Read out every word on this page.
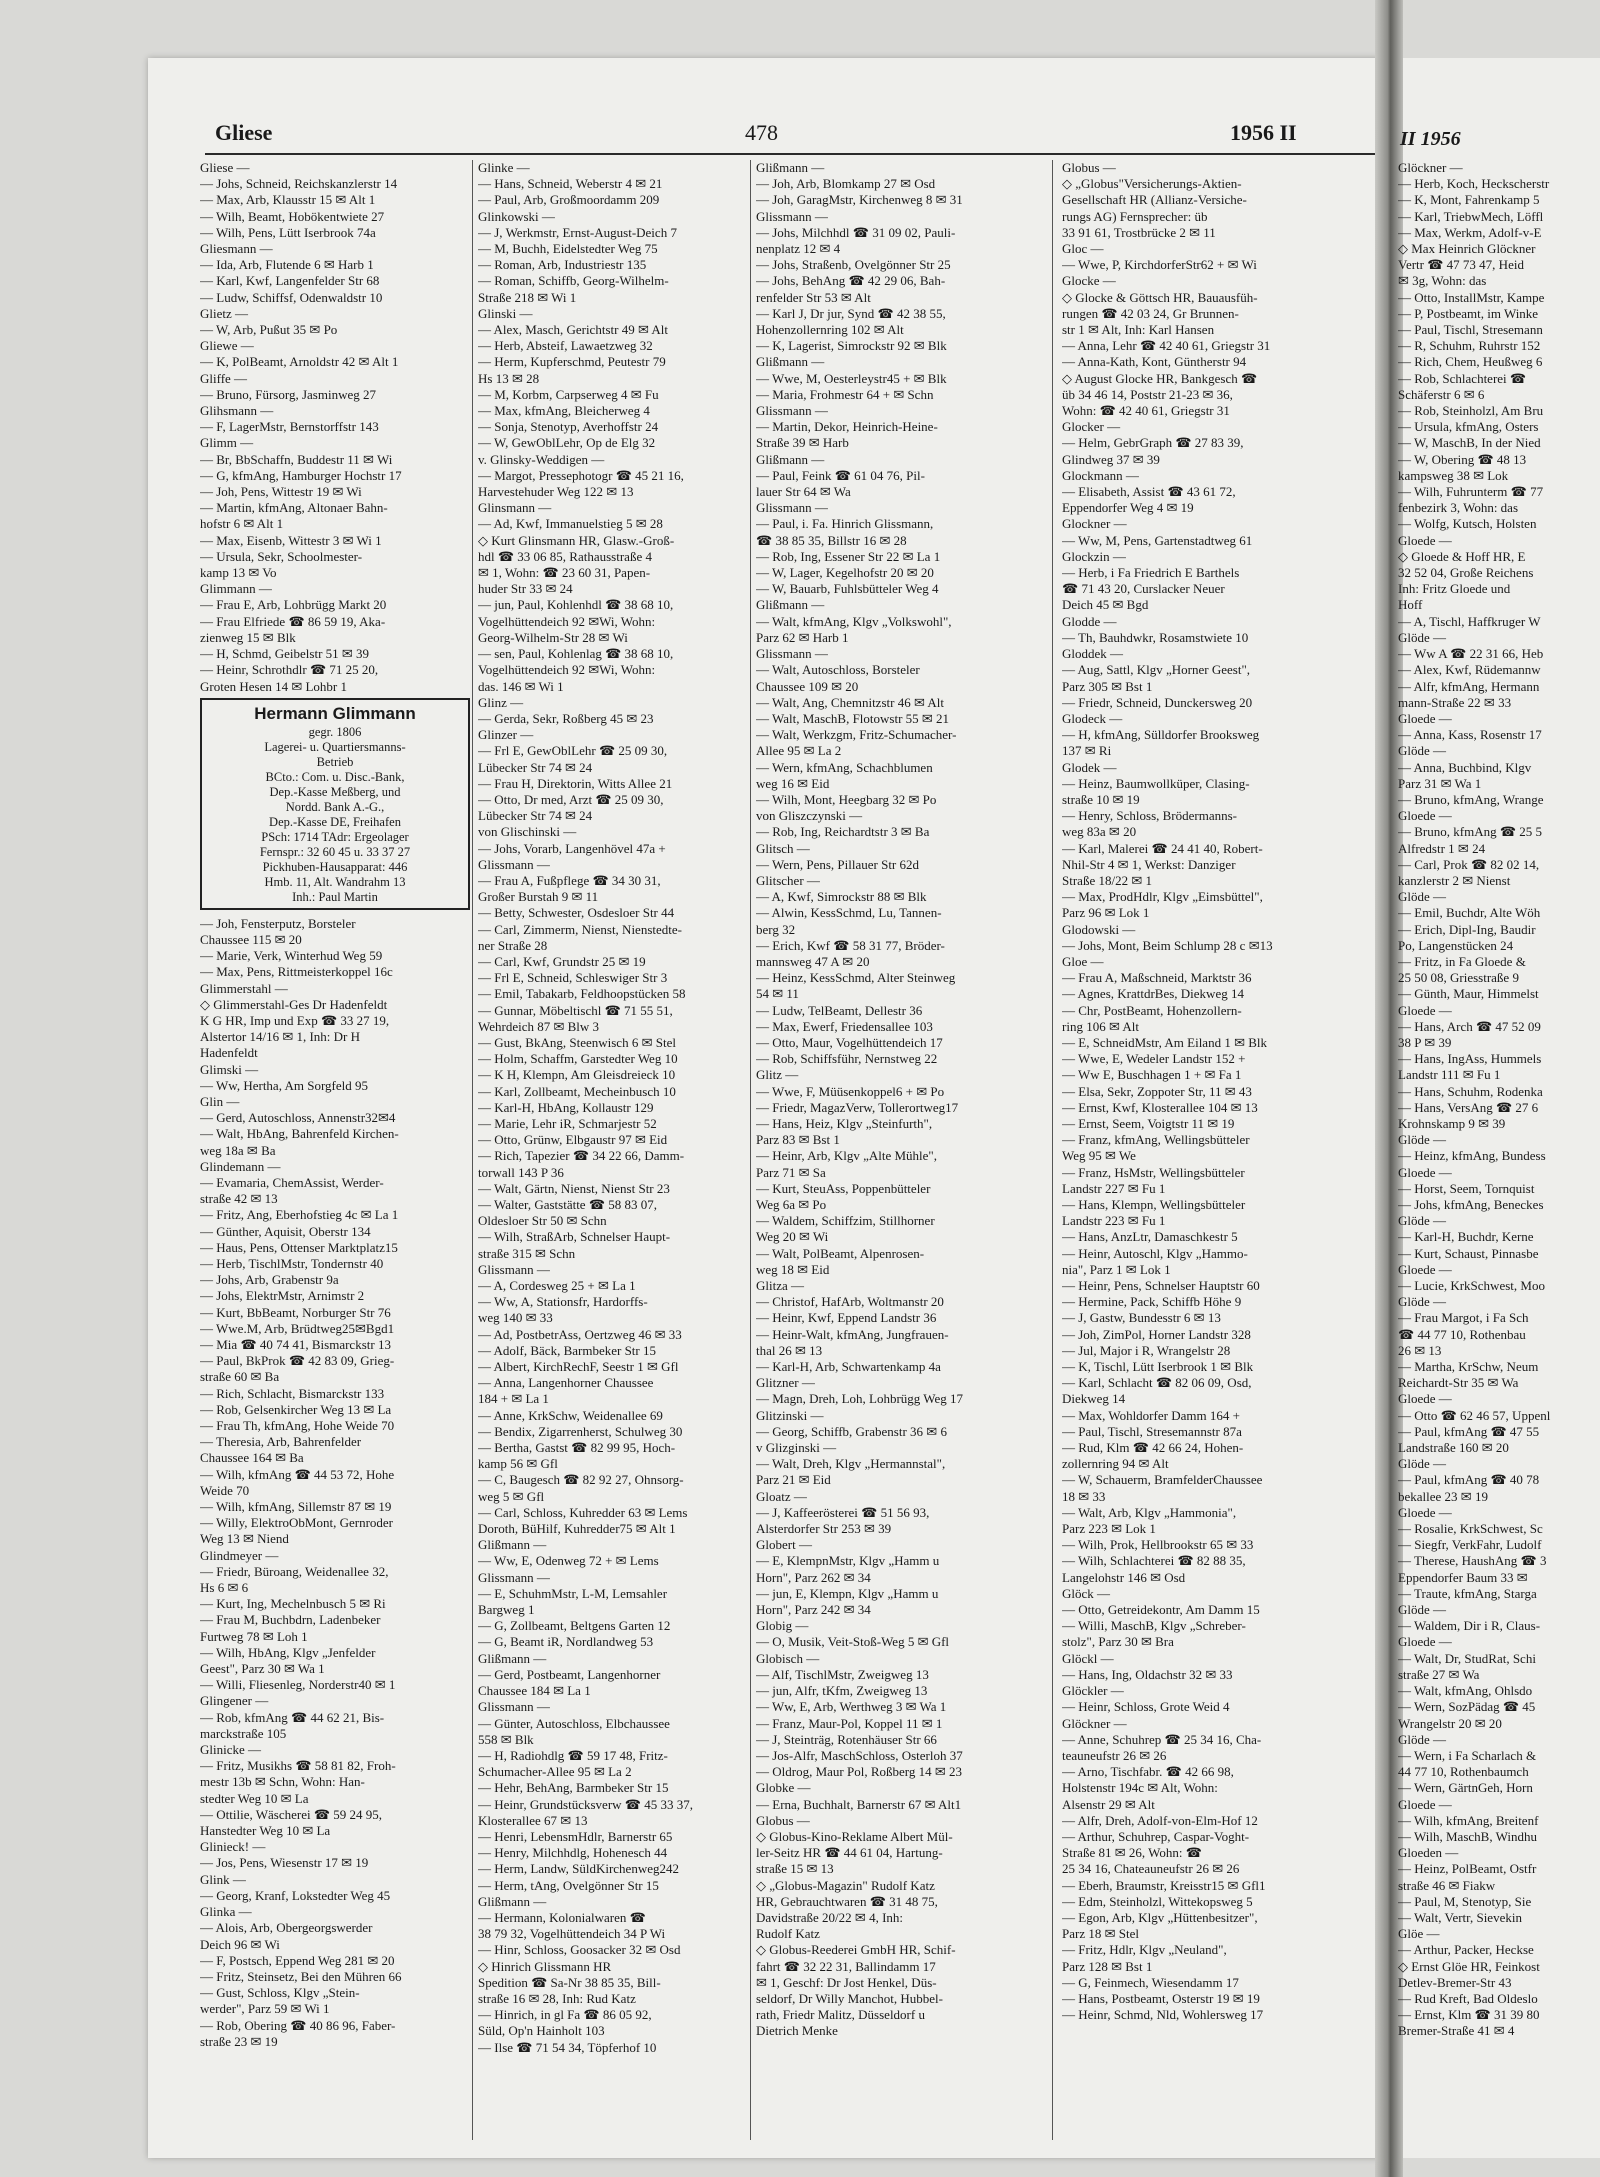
Gliese	478	1956 II	II 1956
Gliese —
— Johs, Schneid, Reichskanzlerstr 14
— Max, Arb, Klausstr 15 ✉ Alt 1
— Wilh, Beamt, Hobökentwiete 27
— Wilh, Pens, Lütt Iserbrook 74a
Gliesmann —
— Ida, Arb, Flutende 6 ✉ Harb 1
— Karl, Kwf, Langenfelder Str 68
— Ludw, Schiffsf, Odenwaldstr 10
Glietz —
— W, Arb, Pußut 35 ✉ Po
Gliewe —
— K, PolBeamt, Arnoldstr 42 ✉ Alt 1
Gliffe —
— Bruno, Fürsorg, Jasminweg 27
Glihsmann —
— F, LagerMstr, Bernstorffstr 143
Glimm —
— Br, BbSchaffn, Buddestr 11 ✉ Wi
— G, kfmAng, Hamburger Hochstr 17
— Joh, Pens, Wittestr 19 ✉ Wi
— Martin, kfmAng, Altonaer Bahn-
hofstr 6 ✉ Alt 1
— Max, Eisenb, Wittestr 3 ✉ Wi 1
— Ursula, Sekr, Schoolmester-
kamp 13 ✉ Vo
Glimmann —
— Frau E, Arb, Lohbrügg Markt 20
— Frau Elfriede ☎ 86 59 19, Aka-
zienweg 15 ✉ Blk
— H, Schmd, Geibelstr 51 ✉ 39
— Heinr, Schrothdlr ☎ 71 25 20,
Groten Hesen 14 ✉ Lohbr 1
Hermann Glimmann
gegr. 1806
Lagerei- u. Quartiersmanns-
Betrieb
BCto.: Com. u. Disc.-Bank,
Dep.-Kasse Meßberg, und
Nordd. Bank A.-G.,
Dep.-Kasse DE, Freihafen
PSch: 1714 TAdr: Ergeolager
Fernspr.: 32 60 45 u. 33 37 27
Pickhuben-Hausapparat: 446
Hmb. 11, Alt. Wandrahm 13
Inh.: Paul Martin
— Joh, Fensterputz, Borsteler
Chaussee 115 ✉ 20
— Marie, Verk, Winterhud Weg 59
— Max, Pens, Rittmeisterkoppel 16c
Glimmerstahl —
◇ Glimmerstahl-Ges Dr Hadenfeldt
K G HR, Imp und Exp ☎ 33 27 19,
Alstertor 14/16 ✉ 1, Inh: Dr H
Hadenfeldt
Glimski —
— Ww, Hertha, Am Sorgfeld 95
Glin —
— Gerd, Autoschloss, Annenstr32✉4
— Walt, HbAng, Bahrenfeld Kirchen-
weg 18a ✉ Ba
Glindemann —
— Evamaria, ChemAssist, Werder-
straße 42 ✉ 13
— Fritz, Ang, Eberhofstieg 4c ✉ La 1
— Günther, Aquisit, Oberstr 134
— Haus, Pens, Ottenser Marktplatz15
— Herb, TischlMstr, Tondernstr 40
— Johs, Arb, Grabenstr 9a
— Johs, ElektrMstr, Arnimstr 2
— Kurt, BbBeamt, Norburger Str 76
— Wwe.M, Arb, Brüdtweg25✉Bgd1
— Mia ☎ 40 74 41, Bismarckstr 13
— Paul, BkProk ☎ 42 83 09, Grieg-
straße 60 ✉ Ba
— Rich, Schlacht, Bismarckstr 133
— Rob, Gelsenkircher Weg 13 ✉ La
— Frau Th, kfmAng, Hohe Weide 70
— Theresia, Arb, Bahrenfelder
Chaussee 164 ✉ Ba
— Wilh, kfmAng ☎ 44 53 72, Hohe
Weide 70
— Wilh, kfmAng, Sillemstr 87 ✉ 19
— Willy, ElektroObMont, Gernroder
Weg 13 ✉ Niend
Glindmeyer —
— Friedr, Büroang, Weidenallee 32,
Hs 6 ✉ 6
— Kurt, Ing, Mechelnbusch 5 ✉ Ri
— Frau M, Buchbdrn, Ladenbeker
Furtweg 78 ✉ Loh 1
— Wilh, HbAng, Klgv „Jenfelder
Geest", Parz 30 ✉ Wa 1
— Willi, Fliesenleg, Norderstr40 ✉ 1
Glingener —
— Rob, kfmAng ☎ 44 62 21, Bis-
marckstraße 105
Glinicke —
— Fritz, Musikhs ☎ 58 81 82, Froh-
mestr 13b ✉ Schn, Wohn: Han-
stedter Weg 10 ✉ La
— Ottilie, Wäscherei ☎ 59 24 95,
Hanstedter Weg 10 ✉ La
Glinieck! —
— Jos, Pens, Wiesenstr 17 ✉ 19
Glink —
— Georg, Kranf, Lokstedter Weg 45
Glinka —
— Alois, Arb, Obergeorgswerder
Deich 96 ✉ Wi
— F, Postsch, Eppend Weg 281 ✉ 20
— Fritz, Steinsetz, Bei den Mühren 66
— Gust, Schloss, Klgv „Stein-
werder", Parz 59 ✉ Wi 1
— Rob, Obering ☎ 40 86 96, Faber-
straße 23 ✉ 19
Glinke —
— Hans, Schneid, Weberstr 4 ✉ 21
— Paul, Arb, Großmoordamm 209
Glinkowski —
— J, Werkmstr, Ernst-August-Deich 7
— M, Buchh, Eidelstedter Weg 75
— Roman, Arb, Industriestr 135
— Roman, Schiffb, Georg-Wilhelm-
Straße 218 ✉ Wi 1
Glinski —
— Alex, Masch, Gerichtstr 49 ✉ Alt
— Herb, Absteif, Lawaetzweg 32
— Herm, Kupferschmd, Peutestr 79
Hs 13 ✉ 28
— M, Korbm, Carpserweg 4 ✉ Fu
— Max, kfmAng, Bleicherweg 4
— Sonja, Stenotyp, Averhoffstr 24
— W, GewOblLehr, Op de Elg 32
v. Glinsky-Weddigen —
— Margot, Pressephotogr ☎ 45 21 16,
Harvestehuder Weg 122 ✉ 13
Glinsmann —
— Ad, Kwf, Immanuelstieg 5 ✉ 28
◇ Kurt Glinsmann HR, Glasw.-Groß-
hdl ☎ 33 06 85, Rathausstraße 4
✉ 1, Wohn: ☎ 23 60 31, Papen-
huder Str 33 ✉ 24
— jun, Paul, Kohlenhdl ☎ 38 68 10,
Vogelhüttendeich 92 ✉Wi, Wohn:
Georg-Wilhelm-Str 28 ✉ Wi
— sen, Paul, Kohlenlag ☎ 38 68 10,
Vogelhüttendeich 92 ✉Wi, Wohn:
das. 146 ✉ Wi 1
Glinz —
— Gerda, Sekr, Roßberg 45 ✉ 23
Glinzer —
— Frl E, GewOblLehr ☎ 25 09 30,
Lübecker Str 74 ✉ 24
— Frau H, Direktorin, Witts Allee 21
— Otto, Dr med, Arzt ☎ 25 09 30,
Lübecker Str 74 ✉ 24
von Glischinski —
— Johs, Vorarb, Langenhövel 47a +
Glissmann —
— Frau A, Fußpflege ☎ 34 30 31,
Großer Burstah 9 ✉ 11
— Betty, Schwester, Osdesloer Str 44
— Carl, Zimmerm, Nienst, Nienstedte-
ner Straße 28
— Carl, Kwf, Grundstr 25 ✉ 19
— Frl E, Schneid, Schleswiger Str 3
— Emil, Tabakarb, Feldhoopstücken 58
— Gunnar, Möbeltischl ☎ 71 55 51,
Wehrdeich 87 ✉ Blw 3
— Gust, BkAng, Steenwisch 6 ✉ Stel
— Holm, Schaffm, Garstedter Weg 10
— K H, Klempn, Am Gleisdreieck 10
— Karl, Zollbeamt, Mecheinbusch 10
— Karl-H, HbAng, Kollaustr 129
— Marie, Lehr iR, Schmarjestr 52
— Otto, Grünw, Elbgaustr 97 ✉ Eid
— Rich, Tapezier ☎ 34 22 66, Damm-
torwall 143 P 36
— Walt, Gärtn, Nienst, Nienst Str 23
— Walter, Gaststätte ☎ 58 83 07,
Oldesloer Str 50 ✉ Schn
— Wilh, StraßArb, Schnelser Haupt-
straße 315 ✉ Schn
Glissmann —
— A, Cordesweg 25 + ✉ La 1
— Ww, A, Stationsfr, Hardorffs-
weg 140 ✉ 33
— Ad, PostbetrAss, Oertzweg 46 ✉ 33
— Adolf, Bäck, Barmbeker Str 15
— Albert, KirchRechF, Seestr 1 ✉ Gfl
— Anna, Langenhorner Chaussee
184 + ✉ La 1
— Anne, KrkSchw, Weidenallee 69
— Bendix, Zigarrenherst, Schulweg 30
— Bertha, Gastst ☎ 82 99 95, Hoch-
kamp 56 ✉ Gfl
— C, Baugesch ☎ 82 92 27, Ohnsorg-
weg 5 ✉ Gfl
— Carl, Schloss, Kuhredder 63 ✉ Lems
Doroth, BüHilf, Kuhredder75 ✉ Alt 1
Glißmann —
— Ww, E, Odenweg 72 + ✉ Lems
Glissmann —
— E, SchuhmMstr, L-M, Lemsahler
Bargweg 1
— G, Zollbeamt, Beltgens Garten 12
— G, Beamt iR, Nordlandweg 53
Glißmann —
— Gerd, Postbeamt, Langenhorner
Chaussee 184 ✉ La 1
Glissmann —
— Günter, Autoschloss, Elbchaussee
558 ✉ Blk
— H, Radiohdlg ☎ 59 17 48, Fritz-
Schumacher-Allee 95 ✉ La 2
— Hehr, BehAng, Barmbeker Str 15
— Heinr, Grundstücksverw ☎ 45 33 37,
Klosterallee 67 ✉ 13
— Henri, LebensmHdlr, Barnerstr 65
— Henry, Milchhdlg, Hohenesch 44
— Herm, Landw, SüldKirchenweg242
— Herm, tAng, Ovelgönner Str 15
Glißmann —
— Hermann, Kolonialwaren ☎
38 79 32, Vogelhüttendeich 34 P Wi
— Hinr, Schloss, Goosacker 32 ✉ Osd
◇ Hinrich Glissmann HR
Spedition ☎ Sa-Nr 38 85 35, Bill-
straße 16 ✉ 28, Inh: Rud Katz
— Hinrich, in gl Fa ☎ 86 05 92,
Süld, Op'n Hainholt 103
— Ilse ☎ 71 54 34, Töpferhof 10
Glißmann —
— Joh, Arb, Blomkamp 27 ✉ Osd
— Joh, GaragMstr, Kirchenweg 8 ✉ 31
Glissmann —
— Johs, Milchhdl ☎ 31 09 02, Pauli-
nenplatz 12 ✉ 4
— Johs, Straßenb, Ovelgönner Str 25
— Johs, BehAng ☎ 42 29 06, Bah-
renfelder Str 53 ✉ Alt
— Karl J, Dr jur, Synd ☎ 42 38 55,
Hohenzollernring 102 ✉ Alt
— K, Lagerist, Simrockstr 92 ✉ Blk
Glißmann —
— Wwe, M, Oesterleystr45 + ✉ Blk
— Maria, Frohmestr 64 + ✉ Schn
Glissmann —
— Martin, Dekor, Heinrich-Heine-
Straße 39 ✉ Harb
Glißmann —
— Paul, Feink ☎ 61 04 76, Pil-
lauer Str 64 ✉ Wa
Glissmann —
— Paul, i. Fa. Hinrich Glissmann,
☎ 38 85 35, Billstr 16 ✉ 28
— Rob, Ing, Essener Str 22 ✉ La 1
— W, Lager, Kegelhofstr 20 ✉ 20
— W, Bauarb, Fuhlsbütteler Weg 4
Glißmann —
— Walt, kfmAng, Klgv „Volkswohl",
Parz 62 ✉ Harb 1
Glissmann —
— Walt, Autoschloss, Borsteler
Chaussee 109 ✉ 20
— Walt, Ang, Chemnitzstr 46 ✉ Alt
— Walt, MaschB, Flotowstr 55 ✉ 21
— Walt, Werkzgm, Fritz-Schumacher-
Allee 95 ✉ La 2
— Wern, kfmAng, Schachblumen
weg 16 ✉ Eid
— Wilh, Mont, Heegbarg 32 ✉ Po
von Gliszczynski —
— Rob, Ing, Reichardtstr 3 ✉ Ba
Glitsch —
— Wern, Pens, Pillauer Str 62d
Glitscher —
— A, Kwf, Simrockstr 88 ✉ Blk
— Alwin, KessSchmd, Lu, Tannen-
berg 32
— Erich, Kwf ☎ 58 31 77, Bröder-
mannsweg 47 A ✉ 20
— Heinz, KessSchmd, Alter Steinweg
54 ✉ 11
— Ludw, TelBeamt, Dellestr 36
— Max, Ewerf, Friedensallee 103
— Otto, Maur, Vogelhüttendeich 17
— Rob, Schiffsführ, Nernstweg 22
Glitz —
— Wwe, F, Müüsenkoppel6 + ✉ Po
— Friedr, MagazVerw, Tollerortweg17
— Hans, Heiz, Klgv „Steinfurth",
Parz 83 ✉ Bst 1
— Heinr, Arb, Klgv „Alte Mühle",
Parz 71 ✉ Sa
— Kurt, SteuAss, Poppenbütteler
Weg 6a ✉ Po
— Waldem, Schiffzim, Stillhorner
Weg 20 ✉ Wi
— Walt, PolBeamt, Alpenrosen-
weg 18 ✉ Eid
Glitza —
— Christof, HafArb, Woltmanstr 20
— Heinr, Kwf, Eppend Landstr 36
— Heinr-Walt, kfmAng, Jungfrauen-
thal 26 ✉ 13
— Karl-H, Arb, Schwartenkamp 4a
Glitzner —
— Magn, Dreh, Loh, Lohbrügg Weg 17
Glitzinski —
— Georg, Schiffb, Grabenstr 36 ✉ 6
v Glizginski —
— Walt, Dreh, Klgv „Hermannstal",
Parz 21 ✉ Eid
Gloatz —
— J, Kaffeerösterei ☎ 51 56 93,
Alsterdorfer Str 253 ✉ 39
Globert —
— E, KlempnMstr, Klgv „Hamm u
Horn", Parz 262 ✉ 34
— jun, E, Klempn, Klgv „Hamm u
Horn", Parz 242 ✉ 34
Globig —
— O, Musik, Veit-Stoß-Weg 5 ✉ Gfl
Globisch —
— Alf, TischlMstr, Zweigweg 13
— jun, Alfr, tKfm, Zweigweg 13
— Ww, E, Arb, Werthweg 3 ✉ Wa 1
— Franz, Maur-Pol, Koppel 11 ✉ 1
— J, Steinträg, Rotenhäuser Str 66
— Jos-Alfr, MaschSchloss, Osterloh 37
— Oldrog, Maur Pol, Roßberg 14 ✉ 23
Globke —
— Erna, Buchhalt, Barnerstr 67 ✉ Alt1
Globus —
◇ Globus-Kino-Reklame Albert Mül-
ler-Seitz HR ☎ 44 61 04, Hartung-
straße 15 ✉ 13
◇ „Globus-Magazin" Rudolf Katz
HR, Gebrauchtwaren ☎ 31 48 75,
Davidstraße 20/22 ✉ 4, Inh:
Rudolf Katz
◇ Globus-Reederei GmbH HR, Schif-
fahrt ☎ 32 22 31, Ballindamm 17
✉ 1, Geschf: Dr Jost Henkel, Düs-
seldorf, Dr Willy Manchot, Hubbel-
rath, Friedr Malitz, Düsseldorf u
Dietrich Menke
Globus —
◇ „Globus"Versicherungs-Aktien-
Gesellschaft HR (Allianz-Versiche-
rungs AG) Fernsprecher: üb
33 91 61, Trostbrücke 2 ✉ 11
Gloc —
— Wwe, P, KirchdorferStr62 + ✉ Wi
Glocke —
◇ Glocke & Göttsch HR, Bauausfüh-
rungen ☎ 42 03 24, Gr Brunnen-
str 1 ✉ Alt, Inh: Karl Hansen
— Anna, Lehr ☎ 42 40 61, Griegstr 31
— Anna-Kath, Kont, Güntherstr 94
◇ August Glocke HR, Bankgesch ☎
üb 34 46 14, Poststr 21-23 ✉ 36,
Wohn: ☎ 42 40 61, Griegstr 31
Glocker —
— Helm, GebrGraph ☎ 27 83 39,
Glindweg 37 ✉ 39
Glockmann —
— Elisabeth, Assist ☎ 43 61 72,
Eppendorfer Weg 4 ✉ 19
Glockner —
— Ww, M, Pens, Gartenstadtweg 61
Glockzin —
— Herb, i Fa Friedrich E Barthels
☎ 71 43 20, Curslacker Neuer
Deich 45 ✉ Bgd
Glodde —
— Th, Bauhdwkr, Rosamstwiete 10
Gloddek —
— Aug, Sattl, Klgv „Horner Geest",
Parz 305 ✉ Bst 1
— Friedr, Schneid, Dunckersweg 20
Glodeck —
— H, kfmAng, Sülldorfer Brooksweg
137 ✉ Ri
Glodek —
— Heinz, Baumwollküper, Clasing-
straße 10 ✉ 19
— Henry, Schloss, Brödermanns-
weg 83a ✉ 20
— Karl, Malerei ☎ 24 41 40, Robert-
Nhil-Str 4 ✉ 1, Werkst: Danziger
Straße 18/22 ✉ 1
— Max, ProdHdlr, Klgv „Eimsbüttel",
Parz 96 ✉ Lok 1
Glodowski —
— Johs, Mont, Beim Schlump 28 c ✉13
Gloe —
— Frau A, Maßschneid, Marktstr 36
— Agnes, KrattdrBes, Diekweg 14
— Chr, PostBeamt, Hohenzollern-
ring 106 ✉ Alt
— E, SchneidMstr, Am Eiland 1 ✉ Blk
— Wwe, E, Wedeler Landstr 152 +
— Ww E, Buschhagen 1 + ✉ Fa 1
— Elsa, Sekr, Zoppoter Str, 11 ✉ 43
— Ernst, Kwf, Klosterallee 104 ✉ 13
— Ernst, Seem, Voigtstr 11 ✉ 19
— Franz, kfmAng, Wellingsbütteler
Weg 95 ✉ We
— Franz, HsMstr, Wellingsbütteler
Landstr 227 ✉ Fu 1
— Hans, Klempn, Wellingsbütteler
Landstr 223 ✉ Fu 1
— Hans, AnzLtr, Damaschkestr 5
— Heinr, Autoschl, Klgv „Hammo-
nia", Parz 1 ✉ Lok 1
— Heinr, Pens, Schnelser Hauptstr 60
— Hermine, Pack, Schiffb Höhe 9
— J, Gastw, Bundesstr 6 ✉ 13
— Joh, ZimPol, Horner Landstr 328
— Jul, Major i R, Wrangelstr 28
— K, Tischl, Lütt Iserbrook 1 ✉ Blk
— Karl, Schlacht ☎ 82 06 09, Osd,
Diekweg 14
— Max, Wohldorfer Damm 164 +
— Paul, Tischl, Stresemannstr 87a
— Rud, Klm ☎ 42 66 24, Hohen-
zollernring 94 ✉ Alt
— W, Schauerm, BramfelderChaussee
18 ✉ 33
— Walt, Arb, Klgv „Hammonia",
Parz 223 ✉ Lok 1
— Wilh, Prok, Hellbrookstr 65 ✉ 33
— Wilh, Schlachterei ☎ 82 88 35,
Langelohstr 146 ✉ Osd
Glöck —
— Otto, Getreidekontr, Am Damm 15
— Willi, MaschB, Klgv „Schreber-
stolz", Parz 30 ✉ Bra
Glöckl —
— Hans, Ing, Oldachstr 32 ✉ 33
Glöckler —
— Heinr, Schloss, Grote Weid 4
Glöckner —
— Anne, Schuhrep ☎ 25 34 16, Cha-
teauneufstr 26 ✉ 26
— Arno, Tischfabr. ☎ 42 66 98,
Holstenstr 194c ✉ Alt, Wohn:
Alsenstr 29 ✉ Alt
— Alfr, Dreh, Adolf-von-Elm-Hof 12
— Arthur, Schuhrep, Caspar-Voght-
Straße 81 ✉ 26, Wohn: ☎
25 34 16, Chateauneufstr 26 ✉ 26
— Eberh, Braumstr, Kreisstr15 ✉ Gfl1
— Edm, Steinholzl, Wittekopsweg 5
— Egon, Arb, Klgv „Hüttenbesitzer",
Parz 18 ✉ Stel
— Fritz, Hdlr, Klgv „Neuland",
Parz 128 ✉ Bst 1
— G, Feinmech, Wiesendamm 17
— Hans, Postbeamt, Osterstr 19 ✉ 19
— Heinr, Schmd, Nld, Wohlersweg 17
Glöckner —
— Herb, Koch, Heckscherstr
— K, Mont, Fahrenkamp 5
— Karl, TriebwMech, Löffl
— Max, Werkm, Adolf-v-E
◇ Max Heinrich Glöckner
Vertr ☎ 47 73 47, Heid
✉ 3g, Wohn: das
— Otto, InstallMstr, Kampe
— P, Postbeamt, im Winke
— Paul, Tischl, Stresemann
— R, Schuhm, Ruhrstr 152
— Rich, Chem, Heußweg 6
— Rob, Schlachterei ☎
Schäferstr 6 ✉ 6
— Rob, Steinholzl, Am Bru
— Ursula, kfmAng, Osters
— W, MaschB, In der Nied
— W, Obering ☎ 48 13
kampsweg 38 ✉ Lok
— Wilh, Fuhrunterm ☎ 77
fenbezirk 3, Wohn: das
— Wolfg, Kutsch, Holsten
Gloede —
◇ Gloede & Hoff HR, E
32 52 04, Große Reichens
Inh: Fritz Gloede und
Hoff
— A, Tischl, Haffkruger W
Glöde —
— Ww A ☎ 22 31 66, Heb
— Alex, Kwf, Rüdemannw
— Alfr, kfmAng, Hermann
mann-Straße 22 ✉ 33
Gloede —
— Anna, Kass, Rosenstr 17
Glöde —
— Anna, Buchbind, Klgv
Parz 31 ✉ Wa 1
— Bruno, kfmAng, Wrange
Gloede —
— Bruno, kfmAng ☎ 25 5
Alfredstr 1 ✉ 24
— Carl, Prok ☎ 82 02 14,
kanzlerstr 2 ✉ Nienst
Glöde —
— Emil, Buchdr, Alte Wöh
— Erich, Dipl-Ing, Baudir
Po, Langenstücken 24
— Fritz, in Fa Gloede &
25 50 08, Griesstraße 9
— Günth, Maur, Himmelst
Gloede —
— Hans, Arch ☎ 47 52 09
38 P ✉ 39
— Hans, IngAss, Hummels
Landstr 111 ✉ Fu 1
— Hans, Schuhm, Rodenka
— Hans, VersAng ☎ 27 6
Krohnskamp 9 ✉ 39
Glöde —
— Heinz, kfmAng, Bundess
Gloede —
— Horst, Seem, Tornquist
— Johs, kfmAng, Beneckes
Glöde —
— Karl-H, Buchdr, Kerne
— Kurt, Schaust, Pinnasbe
Gloede —
— Lucie, KrkSchwest, Moo
Glöde —
— Frau Margot, i Fa Sch
☎ 44 77 10, Rothenbau
26 ✉ 13
— Martha, KrSchw, Neum
Reichardt-Str 35 ✉ Wa
Gloede —
— Otto ☎ 62 46 57, Uppenl
— Paul, kfmAng ☎ 47 55
Landstraße 160 ✉ 20
Glöde —
— Paul, kfmAng ☎ 40 78
bekallee 23 ✉ 19
Gloede —
— Rosalie, KrkSchwest, Sc
— Siegfr, VerkFahr, Ludolf
— Therese, HaushAng ☎ 3
Eppendorfer Baum 33 ✉
— Traute, kfmAng, Starga
Glöde —
— Waldem, Dir i R, Claus-
Gloede —
— Walt, Dr, StudRat, Schi
straße 27 ✉ Wa
— Walt, kfmAng, Ohlsdo
— Wern, SozPädag ☎ 45
Wrangelstr 20 ✉ 20
Glöde —
— Wern, i Fa Scharlach &
44 77 10, Rothenbaumch
— Wern, GärtnGeh, Horn
Gloede —
— Wilh, kfmAng, Breitenf
— Wilh, MaschB, Windhu
Gloeden —
— Heinz, PolBeamt, Ostfr
straße 46 ✉ Fiakw
— Paul, M, Stenotyp, Sie
— Walt, Vertr, Sievekin
Glöe —
— Arthur, Packer, Heckse
◇ Ernst Glöe HR, Feinkost
Detlev-Bremer-Str 43
— Rud Kreft, Bad Oldeslo
— Ernst, Klm ☎ 31 39 80
Bremer-Straße 41 ✉ 4
